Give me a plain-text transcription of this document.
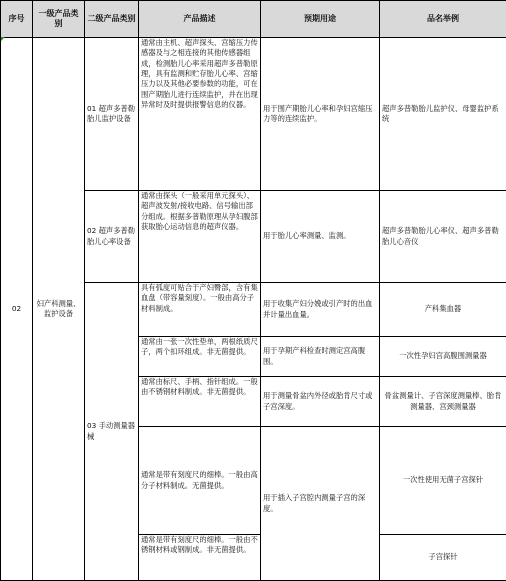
序号	一级产品类别	二级产品类别	产品描述	预期用途	品名举例
02	妇产科测量、监护设备	01 超声多普勒胎儿监护设备	通常由主机、超声探头、宫缩压力传感器及与之相连接的其他传感器组成，检测胎儿心率采用超声多普勒原理，具有监测和贮存胎儿心率、宫缩压力以及其他必要参数的功能，可在围产期胎儿进行连续监护，并在出现异常时及时提供报警信息的仪器。	用于围产期胎儿心率和孕妇宫缩压力等的连续监护。	超声多普勒胎儿监护仪、母婴监护系统
		02 超声多普勒胎儿心率设备	通常由探头（一般采用单元探头）、超声波发射/接收电路、信号输出部分组成。根据多普勒原理从孕妇腹部获取胎心运动信息的超声仪器。	用于胎儿心率测量、监测。	超声多普勒胎儿心率仪、超声多普勒胎儿心音仪
		03 手动测量器械	具有弧度可贴合于产妇臀部，含有集血盘（带容量刻度）。一般由高分子材料制成。	用于收集产妇分娩或引产时的出血并计量出血量。	产科集血器
			通常由一张一次性垫单，两根纸质尺子，两个扣环组成。非无菌提供。	用于孕期产科检查时测定宫高腹围。	一次性孕妇宫高腹围测量器
			通常由标尺、手柄、指针组成。一般由不锈钢材料制成。非无菌提供。	用于测量骨盆内外径或胎肯尺寸或子宫深度。	骨盆测量计、子宫深度测量棒、胎肯测量器、宫颈测量器
			通常是带有刻度尺的细棒。一般由高分子材料制成。无菌提供。	用于插入子宫腔内测量子宫的深度。	一次性使用无菌子宫探针
			通常是带有刻度尺的细棒。一般由不锈钢材料或钢制成。非无菌提供。		子宫探针
